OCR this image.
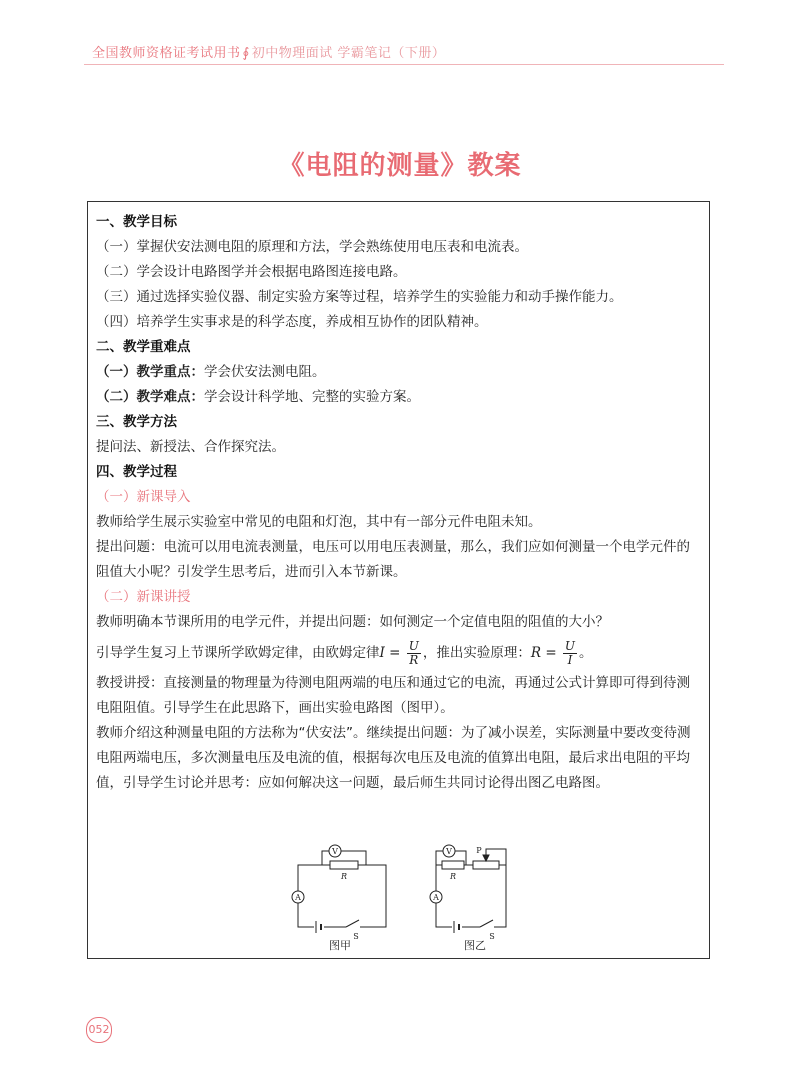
全国教师资格证考试用书 ∮ 初中物理面试 学霸笔记（下册）
《电阻的测量》教案

一、教学目标

（一）掌握伏安法测电阻的原理和方法，学会熟练使用电压表和电流表。

（二）学会设计电路图学并会根据电路图连接电路。

（三）通过选择实验仪器、制定实验方案等过程，培养学生的实验能力和动手操作能力。

（四）培养学生实事求是的科学态度，养成相互协作的团队精神。

二、教学重难点

（一）教学重点：学会伏安法测电阻。

（二）教学难点：学会设计科学地、完整的实验方案。

三、教学方法

提问法、新授法、合作探究法。

四、教学过程

（一）新课导入

教师给学生展示实验室中常见的电阻和灯泡，其中有一部分元件电阻未知。

提出问题：电流可以用电流表测量，电压可以用电压表测量，那么，我们应如何测量一个电学元件的阻值大小呢？引发学生思考后，进而引入本节新课。

（二）新课讲授

教师明确本节课所用的电学元件，并提出问题：如何测定一个定值电阻的阻值的大小？

引导学生复习上节课所学欧姆定律，由欧姆定律$I = \frac{U}{R}$ ，推出实验原理：$R = \frac{U}{I}$ 。

教授讲授：直接测量的物理量为待测电阻两端的电压和通过它的电流，再通过公式计算即可得到待测电阻阻值。引导学生在此思路下，画出实验电路图（图甲）。

教师介绍这种测量电阻的方法称为“伏安法”。继续提出问题：为了减小误差，实际测量中要改变待测电阻两端电压，多次测量电压及电流的值，根据每次电压及电流的值算出电阻，最后求出电阻的平均值，引导学生讨论并思考：应如何解决这一问题，最后师生共同讨论得出图乙电路图。

V
R
A
S
V
R
P
A
S
图甲	图乙
052
